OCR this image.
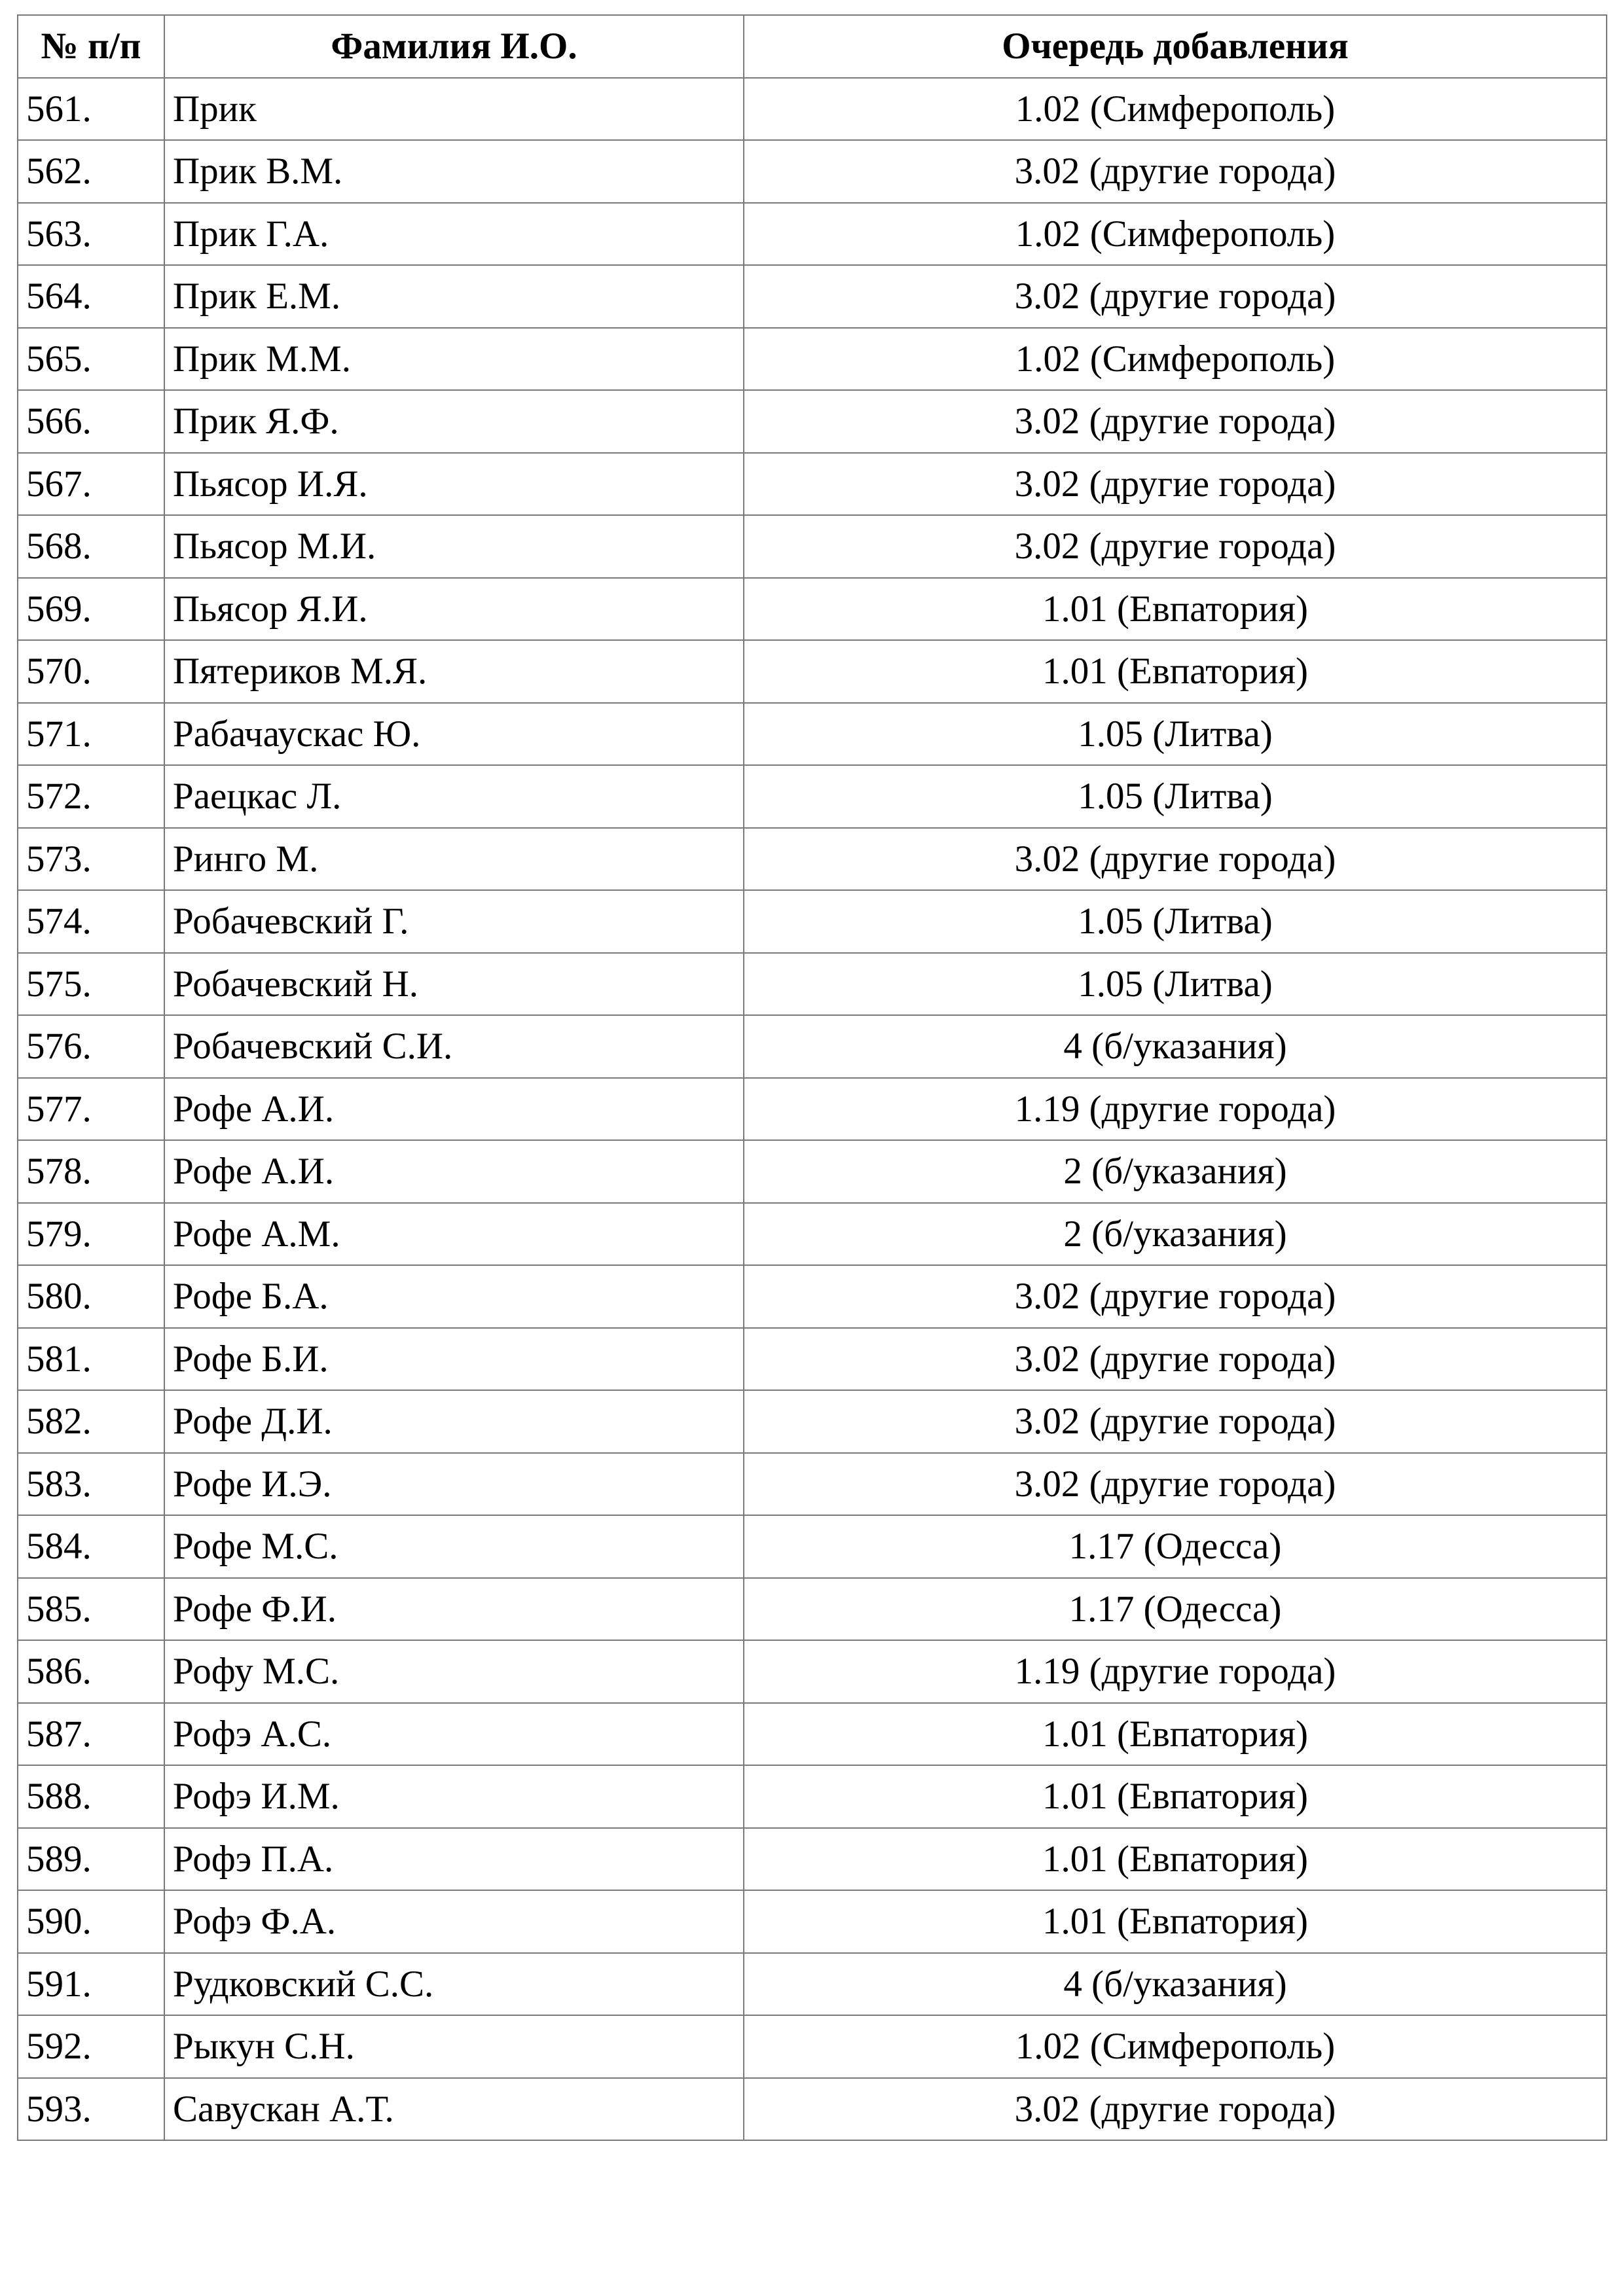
№ п/п	Фамилия И.О.	Очередь добавления
561.	Прик	1.02 (Симферополь)
562.	Прик В.М.	3.02 (другие города)
563.	Прик Г.А.	1.02 (Симферополь)
564.	Прик Е.М.	3.02 (другие города)
565.	Прик М.М.	1.02 (Симферополь)
566.	Прик Я.Ф.	3.02 (другие города)
567.	Пьясор И.Я.	3.02 (другие города)
568.	Пьясор М.И.	3.02 (другие города)
569.	Пьясор Я.И.	1.01 (Евпатория)
570.	Пятериков М.Я.	1.01 (Евпатория)
571.	Рабачаускас Ю.	1.05 (Литва)
572.	Раецкас Л.	1.05 (Литва)
573.	Ринго М.	3.02 (другие города)
574.	Робачевский Г.	1.05 (Литва)
575.	Робачевский Н.	1.05 (Литва)
576.	Робачевский С.И.	4 (б/указания)
577.	Рофе А.И.	1.19 (другие города)
578.	Рофе А.И.	2 (б/указания)
579.	Рофе А.М.	2 (б/указания)
580.	Рофе Б.А.	3.02 (другие города)
581.	Рофе Б.И.	3.02 (другие города)
582.	Рофе Д.И.	3.02 (другие города)
583.	Рофе И.Э.	3.02 (другие города)
584.	Рофе М.С.	1.17 (Одесса)
585.	Рофе Ф.И.	1.17 (Одесса)
586.	Рофу М.С.	1.19 (другие города)
587.	Рофэ А.С.	1.01 (Евпатория)
588.	Рофэ И.М.	1.01 (Евпатория)
589.	Рофэ П.А.	1.01 (Евпатория)
590.	Рофэ Ф.А.	1.01 (Евпатория)
591.	Рудковский С.С.	4 (б/указания)
592.	Рыкун С.Н.	1.02 (Симферополь)
593.	Савускан А.Т.	3.02 (другие города)
